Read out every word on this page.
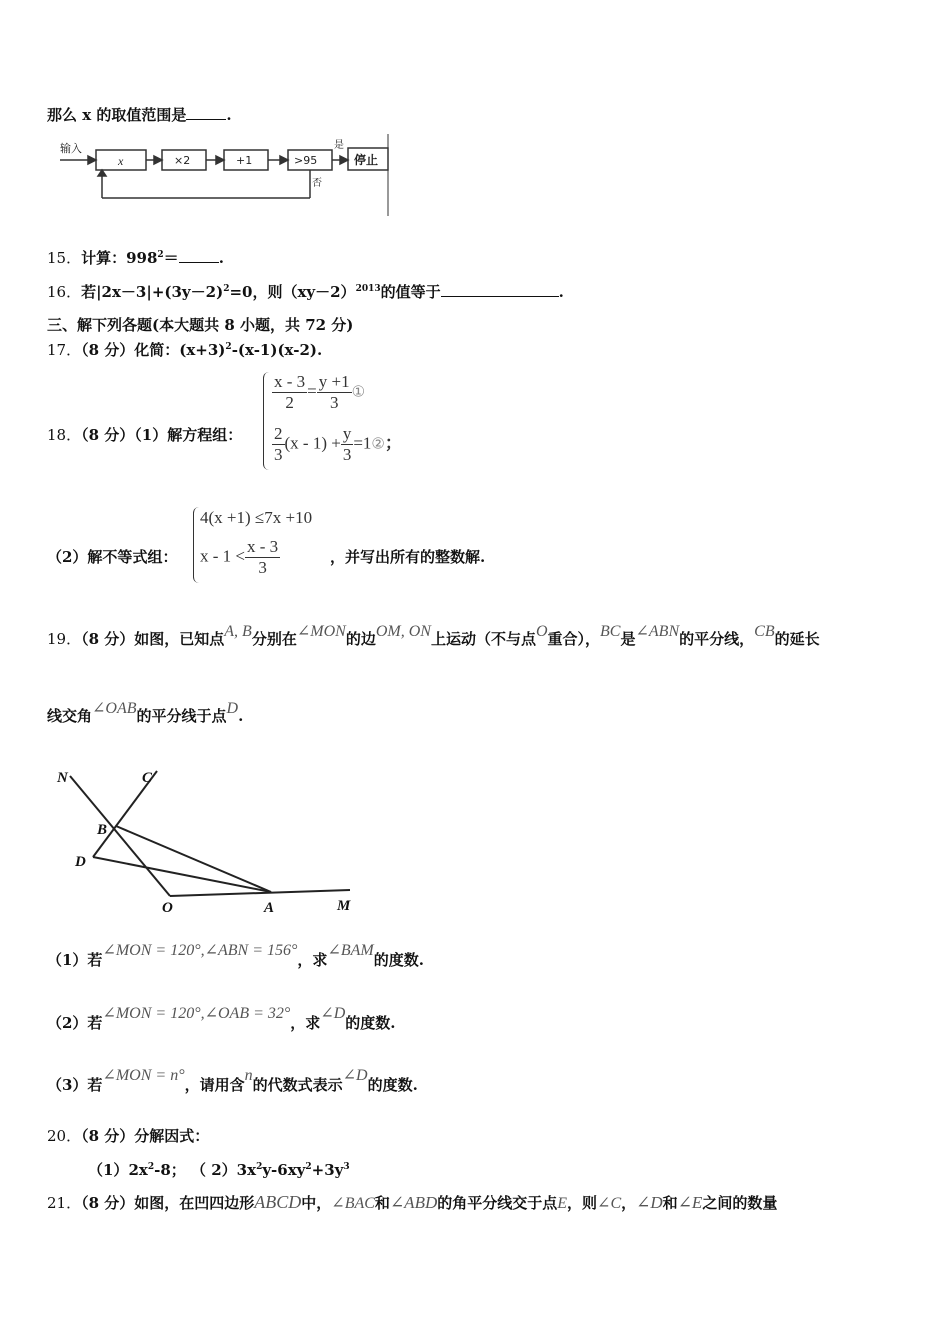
那么 x 的取值范围是	.
输入
x	×2	+1	>95
是
否
停止
15．计算：$998^2=$	.
16．若$|2x-3|+(3y-2)^2=0$，则$(xy-2)^{2013}$的值等于	.
三、解下列各题(本大题共 8 小题，共 72 分)
17．（8 分）化简：$(x+3)^2-(x-1)(x-2)$.
18．（8 分）（1）解方程组：
$\frac{x - 3}{2} = \frac{y +1}{3}$ ①
$\frac{2}{3} (x - 1) + \frac{y}{3}$ =1②；
（2）解不等式组：
4(x +1) ≤7x +10
$x - 1 < \frac{x - 3}{3}$	，并写出所有的整数解.
19．（8 分）如图，已知点A, B分别在∠MON的边OM, ON上运动（不与点O重合），BC是∠ABN的平分线，CB的延长
线交角∠OAB的平分线于点D.
N	C
B
D
O	A	M
（1）若∠MON = 120°,∠ABN = 156°，求∠BAM的度数.
（2）若∠MON = 120°,∠OAB = 32°，求∠D的度数.
（3）若∠MON = n°，请用含n的代数式表示∠D的度数.
20．（8 分）分解因式：
$(1)2x^2-8$； （ $2)3x^2y-6xy^2+3y^3$
21．（8 分）如图，在凹四边形ABCD中，∠BAC和∠ABD的角平分线交于点E，则∠C，∠D和∠E之间的数量
